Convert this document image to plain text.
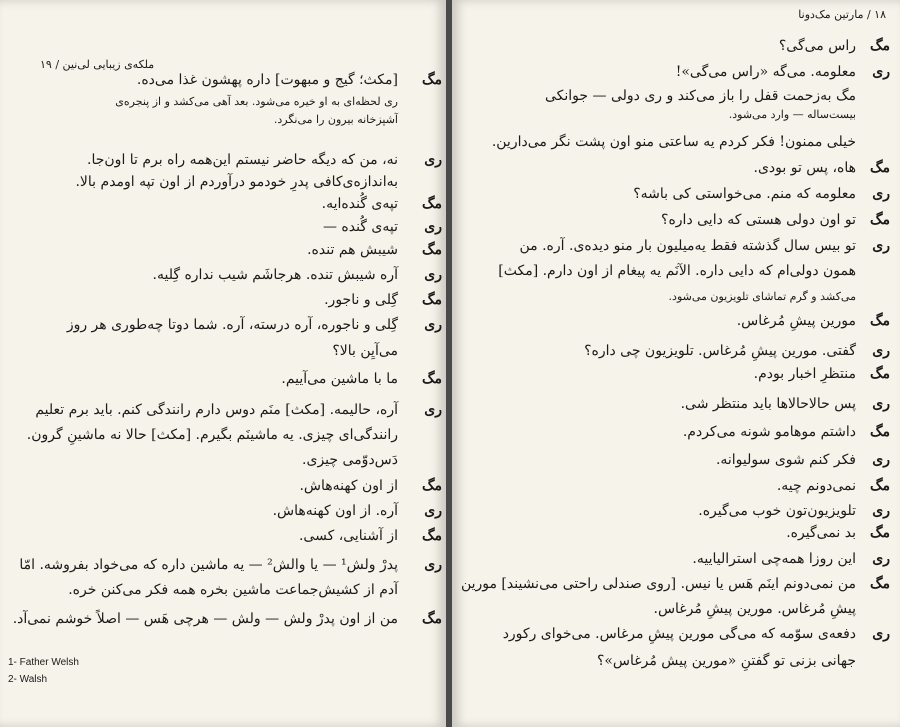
ملکه‌ی زیبایی لی‌نین / ۱۹
مگ
[مکث؛ گیج و مبهوت] داره پهشون غذا می‌ده.
ری لحظه‌ای به او خیره می‌شود. بعد آهی می‌کشد و از پنجره‌ی
آشپزخانه بیرون را می‌نگرد.
ری
نه، من که دیگه حاضر نیستم این‌همه راه برم تا اون‌جا.
به‌اندازه‌ی‌کافی پدرِ خودمو درآوردم از اون تپه اومدم بالا.
مگ
تپه‌ی گُنده‌ایه.
ری
تپه‌ی گُنده —
مگ
شیبش هم تنده.
ری
آره شیبش تنده. هرجاشَم شیب نداره گِلیه.
مگ
گِلی و ناجور.
ری
گِلی و ناجوره، آره درسته، آره. شما دوتا چه‌طوری هر روز
می‌آیِن بالا؟
مگ
ما با ماشین می‌آییم.
ری
آره، حالیمه. [مکث] منَم دوس دارم رانندگی کنم. باید برم تعلیم
رانندگی‌ای چیزی. یه ماشینَم بگیرم. [مکث] حالا نه ماشینِ گرون.
دَس‌دوّمی چیزی.
مگ
از اون کهنه‌هاش.
ری
آره. از اون کهنه‌هاش.
مگ
از آشنایی، کسی.
ری
پدرْ ولش¹ — یا والش² — یه ماشین داره که می‌خواد بفروشه. امّا
آدم از کشیش‌جماعت ماشین بخره همه فکر می‌کنن خره.
مگ
من از اون پدرْ ولش — ولش — هرچی هَس — اصلاً خوشم نمی‌آد.
1- Father Welsh
2- Walsh
۱۸ / مارتین مک‌دونا
مگ
راس می‌گی؟
ری
معلومه. می‌گه «راس می‌گی»!
مگ به‌زحمت قفل را باز می‌کند و ری دولی — جوانکی
بیست‌ساله — وارد می‌شود.
خیلی ممنون! فکر کردم یه ساعتی منو اون پشت نگر می‌دارین.
مگ
هاه، پس تو بودی.
ری
معلومه که منم. می‌خواستی کی باشه؟
مگ
تو اون دولی هستی که دایی داره؟
ری
تو بیس سال گذشته فقط یه‌میلیون بار منو دیده‌ی. آره. من
همون دولی‌ام که دایی داره. الآنَم یه پیغام از اون دارم. [مکث]
می‌کشد و گرم تماشای تلویزیون می‌شود.
مگ
مورین پیشِ مُرغاس.
ری
گفتی. مورین پیشِ مُرغاس. تلویزیون چی داره؟
مگ
منتظرِ اخبار بودم.
ری
پس حالا‌حالاها باید منتظر شی.
مگ
داشتم موهامو شونه می‌کردم.
ری
فکر کنم شوی سولیوانه.
مگ
نمی‌دونم چیه.
ری
تلویزیون‌تون خوب می‌گیره.
مگ
بد نمی‌گیره.
ری
این روزا همه‌چی استرالیاییه.
مگ
من نمی‌دونم اینَم هَس یا نیس. [روی صندلی راحتی می‌نشیند] مورین
پیشِ مُرغاس. مورین پیشِ مُرغاس.
ری
دفعه‌ی سوّمه که می‌گی مورین پیشِ مرغاس. می‌خوای رکورد
جهانی بزنی تو گفتنِ «مورین پیش مُرغاس»؟
